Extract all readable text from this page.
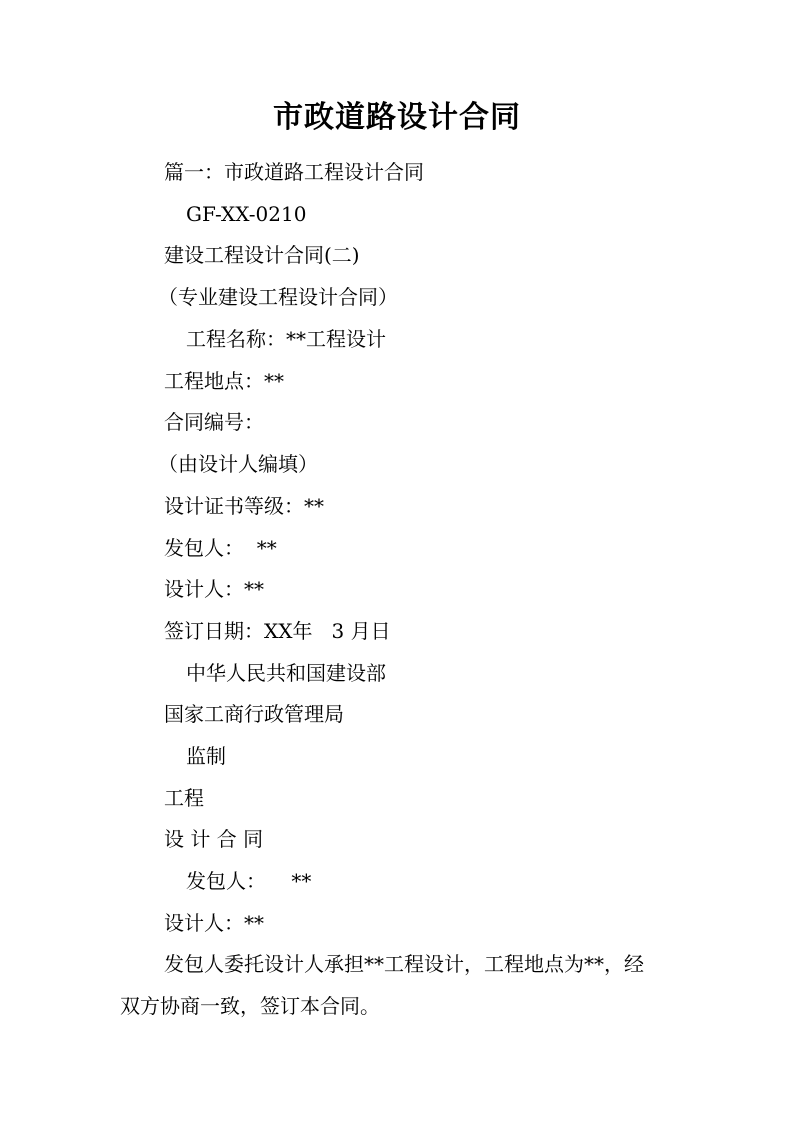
市政道路设计合同
篇一：市政道路工程设计合同
GF-XX-0210
建设工程设计合同(二)
（专业建设工程设计合同）
工程名称：**工程设计
工程地点：**
合同编号：
（由设计人编填）
设计证书等级：**
发包人：  **
设计人：**
签订日期：XX年   3 月日
中华人民共和国建设部
国家工商行政管理局
监制
工程
设 计 合 同
发包人：    **
设计人：**
发包人委托设计人承担**工程设计，工程地点为**，经
双方协商一致，签订本合同。
